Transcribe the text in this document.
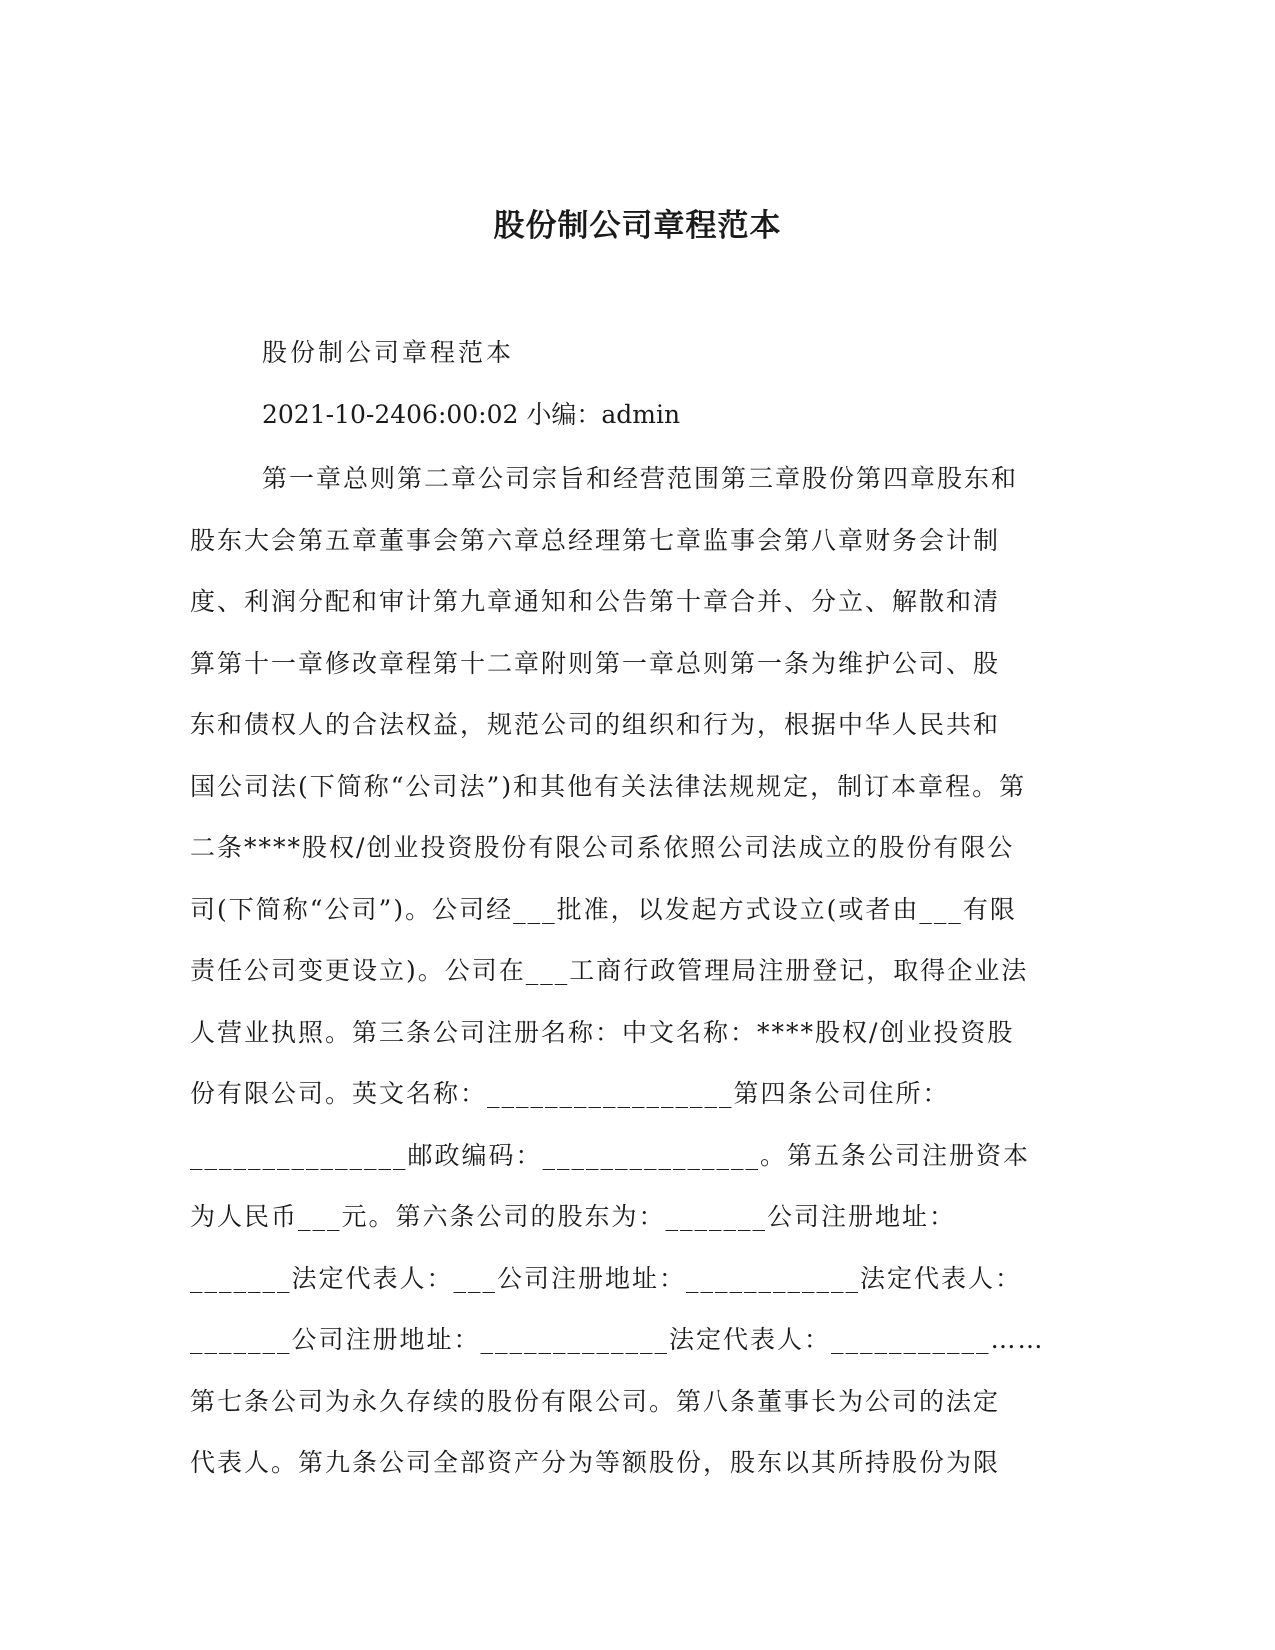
股份制公司章程范本

股份制公司章程范本

2021-10-2406:00:02 小编：admin

第一章总则第二章公司宗旨和经营范围第三章股份第四章股东和
股东大会第五章董事会第六章总经理第七章监事会第八章财务会计制
度、利润分配和审计第九章通知和公告第十章合并、分立、解散和清
算第十一章修改章程第十二章附则第一章总则第一条为维护公司、股
东和债权人的合法权益，规范公司的组织和行为，根据中华人民共和
国公司法(下简称“公司法”)和其他有关法律法规规定，制订本章程。第
二条****股权/创业投资股份有限公司系依照公司法成立的股份有限公
司(下简称“公司”)。公司经___批准，以发起方式设立(或者由___有限
责任公司变更设立)。公司在___工商行政管理局注册登记，取得企业法
人营业执照。第三条公司注册名称：中文名称：****股权/创业投资股
份有限公司。英文名称：_________________第四条公司住所：
_______________邮政编码：_______________。第五条公司注册资本
为人民币___元。第六条公司的股东为：_______公司注册地址：
_______法定代表人：___公司注册地址：____________法定代表人：
_______公司注册地址：_____________法定代表人：___________……
第七条公司为永久存续的股份有限公司。第八条董事长为公司的法定
代表人。第九条公司全部资产分为等额股份，股东以其所持股份为限
